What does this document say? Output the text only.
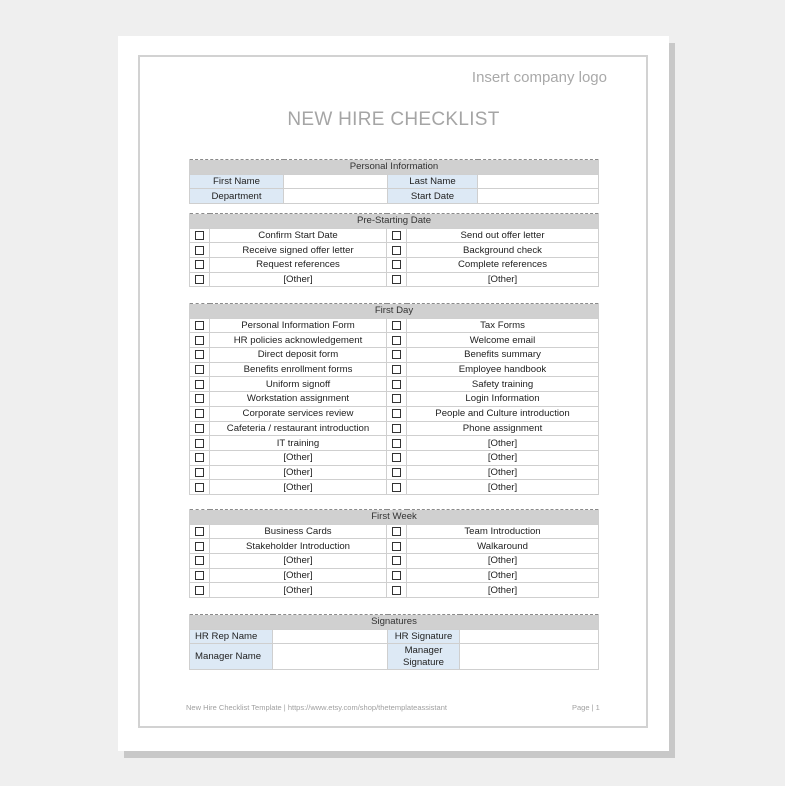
Insert company logo
NEW HIRE CHECKLIST
Personal Information			
First Name		Last Name	
Department		Start Date	
Pre-Starting Date			
	Confirm Start Date		Send out offer letter
	Receive signed offer letter		Background check
	Request references		Complete references
	[Other]		[Other]
First Day			
	Personal Information Form		Tax Forms
	HR policies acknowledgement		Welcome email
	Direct deposit form		Benefits summary
	Benefits enrollment forms		Employee handbook
	Uniform signoff		Safety training
	Workstation assignment		Login Information
	Corporate services review		People and Culture introduction
	Cafeteria / restaurant introduction		Phone assignment
	IT training		[Other]
	[Other]		[Other]
	[Other]		[Other]
	[Other]		[Other]
First Week			
	Business Cards		Team Introduction
	Stakeholder Introduction		Walkaround
	[Other]		[Other]
	[Other]		[Other]
	[Other]		[Other]
Signatures			
HR Rep Name		HR Signature	
Manager Name		Manager
Signature	

New Hire Checklist Template | https://www.etsy.com/shop/thetemplateassistant	Page | 1
